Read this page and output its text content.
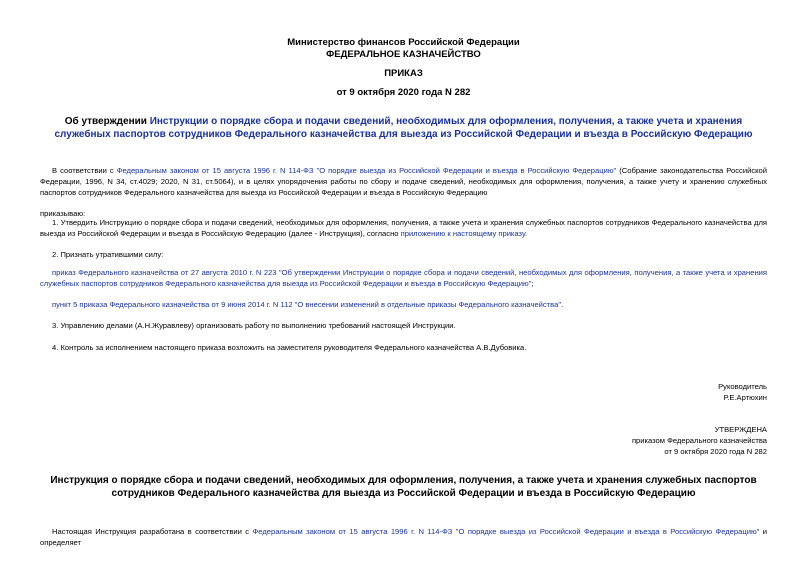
Министерство финансов Российской Федерации
ФЕДЕРАЛЬНОЕ КАЗНАЧЕЙСТВО
ПРИКАЗ
от 9 октября 2020 года N 282
Об утверждении Инструкции о порядке сбора и подачи сведений, необходимых для оформления, получения, а также учета и хранения служебных паспортов сотрудников Федерального казначейства для выезда из Российской Федерации и въезда в Российскую Федерацию
В соответствии с Федеральным законом от 15 августа 1996 г. N 114-ФЗ "О порядке выезда из Российской Федерации и въезда в Российскую Федерацию" (Собрание законодательства Российской Федерации, 1996, N 34, ст.4029; 2020, N 31, ст.5064), и в целях упорядочения работы по сбору и подаче сведений, необходимых для оформления, получения, а также учету и хранению служебных паспортов сотрудников Федерального казначейства для выезда из Российской Федерации и въезда в Российскую Федерацию
приказываю:
1. Утвердить Инструкцию о порядке сбора и подачи сведений, необходимых для оформления, получения, а также учета и хранения служебных паспортов сотрудников Федерального казначейства для выезда из Российской Федерации и въезда в Российскую Федерацию (далее - Инструкция), согласно приложению к настоящему приказу.
2. Признать утратившими силу:
приказ Федерального казначейства от 27 августа 2010 г. N 223 "Об утверждении Инструкции о порядке сбора и подачи сведений, необходимых для оформления, получения, а также учета и хранения служебных паспортов сотрудников Федерального казначейства для выезда из Российской Федерации и въезда в Российскую Федерацию";
пункт 5 приказа Федерального казначейства от 9 июня 2014 г. N 112 "О внесении изменений в отдельные приказы Федерального казначейства".
3. Управлению делами (А.Н.Журавлеву) организовать работу по выполнению требований настоящей Инструкции.
4. Контроль за исполнением настоящего приказа возложить на заместителя руководителя Федерального казначейства А.В.Дубовика.
Руководитель
Р.Е.Артюхин
УТВЕРЖДЕНА
приказом Федерального казначейства
от 9 октября 2020 года N 282
Инструкция о порядке сбора и подачи сведений, необходимых для оформления, получения, а также учета и хранения служебных паспортов сотрудников Федерального казначейства для выезда из Российской Федерации и въезда в Российскую Федерацию
Настоящая Инструкция разработана в соответствии с Федеральным законом от 15 августа 1996 г. N 114-ФЗ "О порядке выезда из Российской Федерации и въезда в Российскую Федерацию" и определяет
